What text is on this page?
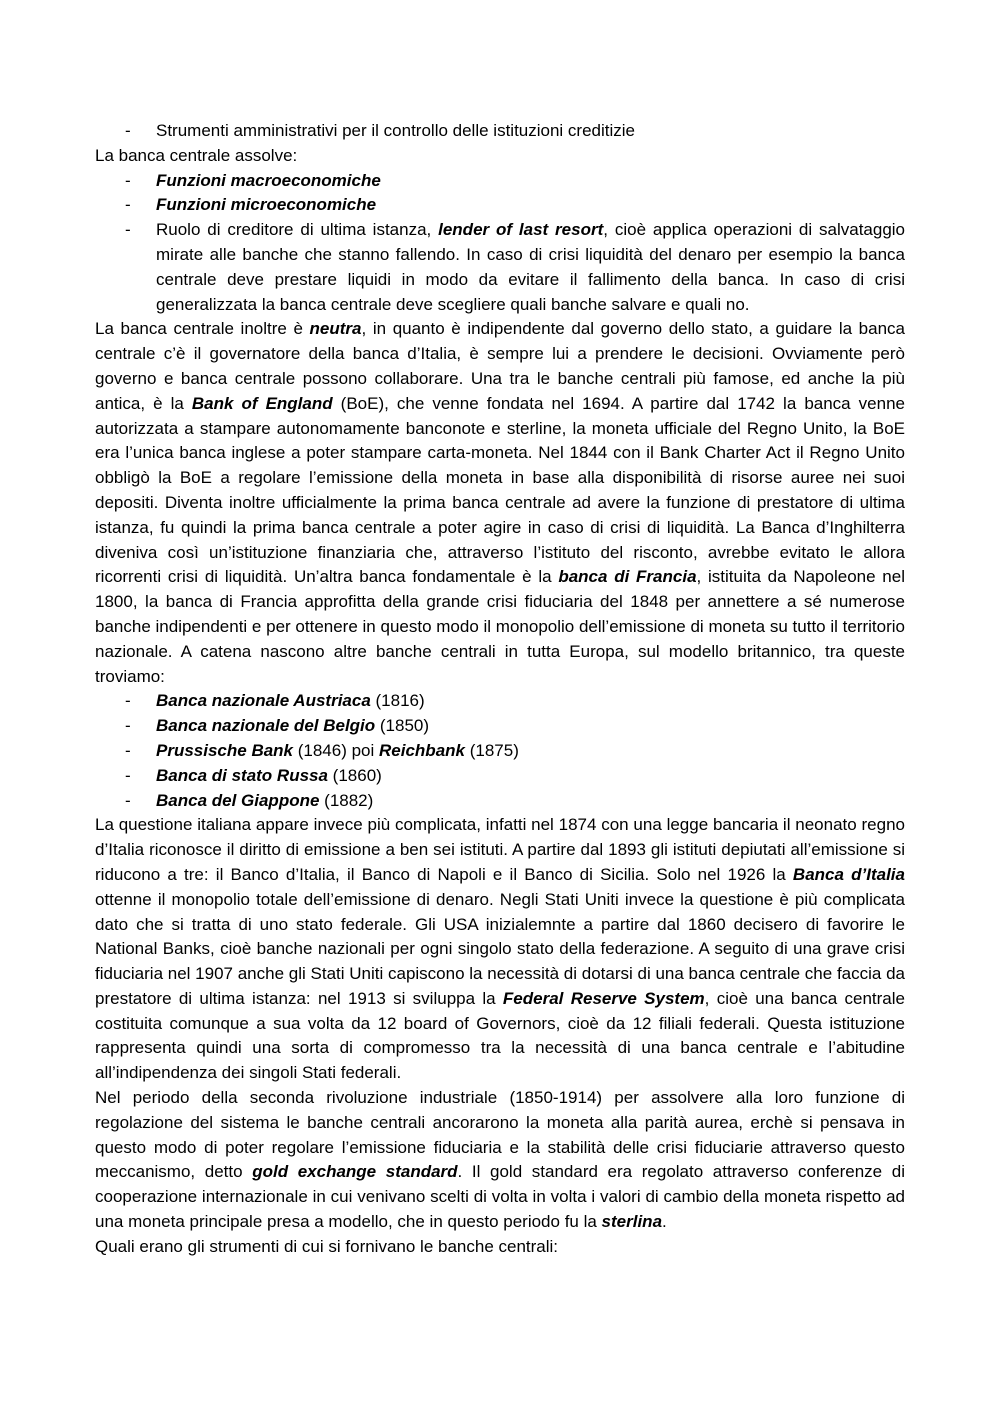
- Strumenti amministrativi per il controllo delle istituzioni creditizie

La banca centrale assolve:

- Funzioni macroeconomiche
- Funzioni microeconomiche
- Ruolo di creditore di ultima istanza, lender of last resort, cioè applica operazioni di salvataggio mirate alle banche che stanno fallendo. In caso di crisi liquidità del denaro per esempio la banca centrale deve prestare liquidi in modo da evitare il fallimento della banca. In caso di crisi generalizzata la banca centrale deve scegliere quali banche salvare e quali no.

La banca centrale inoltre è neutra, in quanto è indipendente dal governo dello stato, a guidare la banca centrale c’è il governatore della banca d’Italia, è sempre lui a prendere le decisioni. Ovviamente però governo e banca centrale possono collaborare. Una tra le banche centrali più famose, ed anche la più antica, è la Bank of England (BoE), che venne fondata nel 1694. A partire dal 1742 la banca venne autorizzata a stampare autonomamente banconote e sterline, la moneta ufficiale del Regno Unito, la BoE era l’unica banca inglese a poter stampare carta-moneta. Nel 1844 con il Bank Charter Act il Regno Unito obbligò la BoE a regolare l’emissione della moneta in base alla disponibilità di risorse auree nei suoi depositi. Diventa inoltre ufficialmente la prima banca centrale ad avere la funzione di prestatore di ultima istanza, fu quindi la prima banca centrale a poter agire in caso di crisi di liquidità. La Banca d’Inghilterra diveniva così un’istituzione finanziaria che, attraverso l’istituto del risconto, avrebbe evitato le allora ricorrenti crisi di liquidità. Un’altra banca fondamentale è la banca di Francia, istituita da Napoleone nel 1800, la banca di Francia approfitta della grande crisi fiduciaria del 1848 per annettere a sé numerose banche indipendenti e per ottenere in questo modo il monopolio dell’emissione di moneta su tutto il territorio nazionale. A catena nascono altre banche centrali in tutta Europa, sul modello britannico, tra queste troviamo:

- Banca nazionale Austriaca (1816)
- Banca nazionale del Belgio (1850)
- Prussische Bank (1846) poi Reichbank (1875)
- Banca di stato Russa (1860)
- Banca del Giappone (1882)

La questione italiana appare invece più complicata, infatti nel 1874 con una legge bancaria il neonato regno d’Italia riconosce il diritto di emissione a ben sei istituti. A partire dal 1893 gli istituti depiutati all’emissione si riducono a tre: il Banco d’Italia, il Banco di Napoli e il Banco di Sicilia. Solo nel 1926 la Banca d’Italia ottenne il monopolio totale dell’emissione di denaro. Negli Stati Uniti invece la questione è più complicata dato che si tratta di uno stato federale. Gli USA inizialemnte a partire dal 1860 decisero di favorire le National Banks, cioè banche nazionali per ogni singolo stato della federazione. A seguito di una grave crisi fiduciaria nel 1907 anche gli Stati Uniti capiscono la necessità di dotarsi di una banca centrale che faccia da prestatore di ultima istanza: nel 1913 si sviluppa la Federal Reserve System, cioè una banca centrale costituita comunque a sua volta da 12 board of Governors, cioè da 12 filiali federali. Questa istituzione rappresenta quindi una sorta di compromesso tra la necessità di una banca centrale e l’abitudine all’indipendenza dei singoli Stati federali.

Nel periodo della seconda rivoluzione industriale (1850-1914) per assolvere alla loro funzione di regolazione del sistema le banche centrali ancorarono la moneta alla parità aurea, erchè si pensava in questo modo di poter regolare l’emissione fiduciaria e la stabilità delle crisi fiduciarie attraverso questo meccanismo, detto gold exchange standard. Il gold standard era regolato attraverso conferenze di cooperazione internazionale in cui venivano scelti di volta in volta i valori di cambio della moneta rispetto ad una moneta principale presa a modello, che in questo periodo fu la sterlina.

Quali erano gli strumenti di cui si fornivano le banche centrali:
